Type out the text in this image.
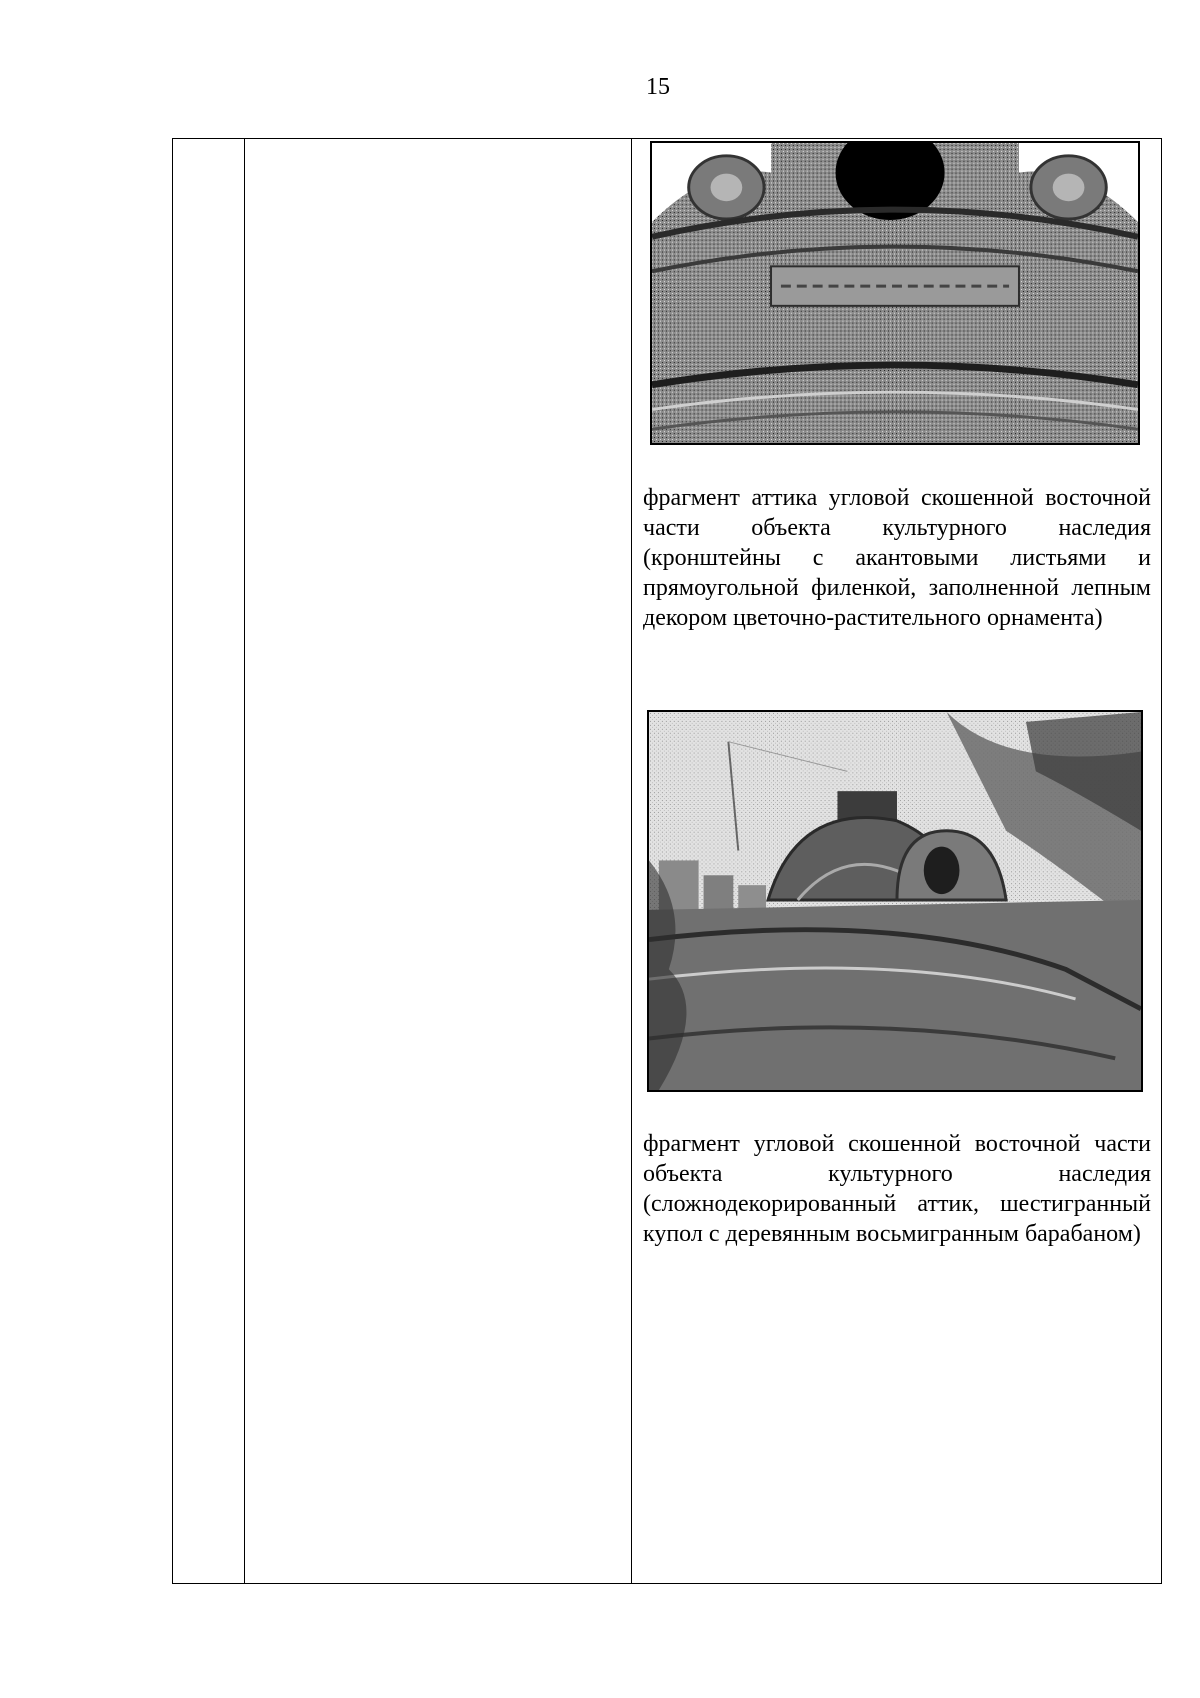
15
фрагмент аттика угловой скошенной восточной части объекта культурного наследия (кронштейны с акантовыми листьями и прямоугольной филенкой, заполненной лепным декором цветочно-растительного орнамента)
фрагмент угловой скошенной восточной части объекта культурного наследия (сложнодекорированный аттик, шестигранный купол с деревянным восьмигранным барабаном)
